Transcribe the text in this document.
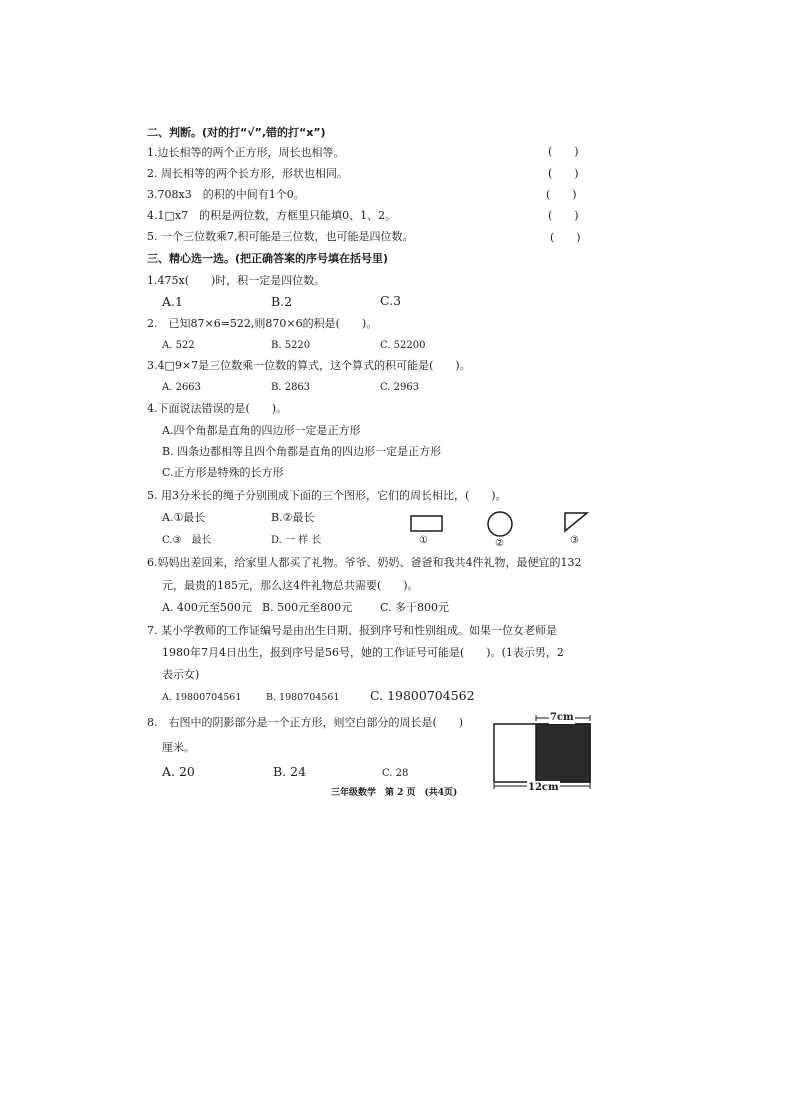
二、判断。(对的打“√”,错的打“x”)
1.边长相等的两个正方形，周长也相等。	(　　)
2. 周长相等的两个长方形，形状也相同。	(　　)
3.708x3　的积的中间有1个0。	(　　)
4.1□x7　的积是两位数，方框里只能填0、1、2。	(　　)
5. 一个三位数乘7,积可能是三位数，也可能是四位数。	(　　)
三、精心选一选。(把正确答案的序号填在括号里)
1.475x(　　)时，积一定是四位数。
A.1	B.2	C.3
2.　已知87×6=522,则870×6的积是(　　)。
A. 522	B. 5220	C. 52200
3.4□9×7是三位数乘一位数的算式，这个算式的积可能是(　　)。
A. 2663	B. 2863	C. 2963
4.下面说法错误的是(　　)。
A.四个角都是直角的四边形一定是正方形
B. 四条边都相等且四个角都是直角的四边形一定是正方形
C.正方形是特殊的长方形
5. 用3分米长的绳子分别围成下面的三个图形，它们的周长相比，(　　)。
A.①最长	B.②最长
C.③　最长	D. 一 样 长	①	②	③
6.妈妈出差回来，给家里人都买了礼物。爷爷、奶奶、爸爸和我共4件礼物，最便宜的132
元，最贵的185元，那么这4件礼物总共需要(　　)。
A. 400元至500元 B. 500元至800元	C. 多于800元
7. 某小学教师的工作证编号是由出生日期、报到序号和性别组成。如果一位女老师是
1980年7月4日出生，报到序号是56号，她的工作证号可能是(　　)。(1表示男，2
表示女)
A. 19800704561	B. 1980704561 C. 19800704562
8.　右图中的阴影部分是一个正方形，则空白部分的周长是(　　)
厘米。
A. 20	B. 24	C. 28
7cm
12cm
三年级数学　第 2 页　(共4页)
